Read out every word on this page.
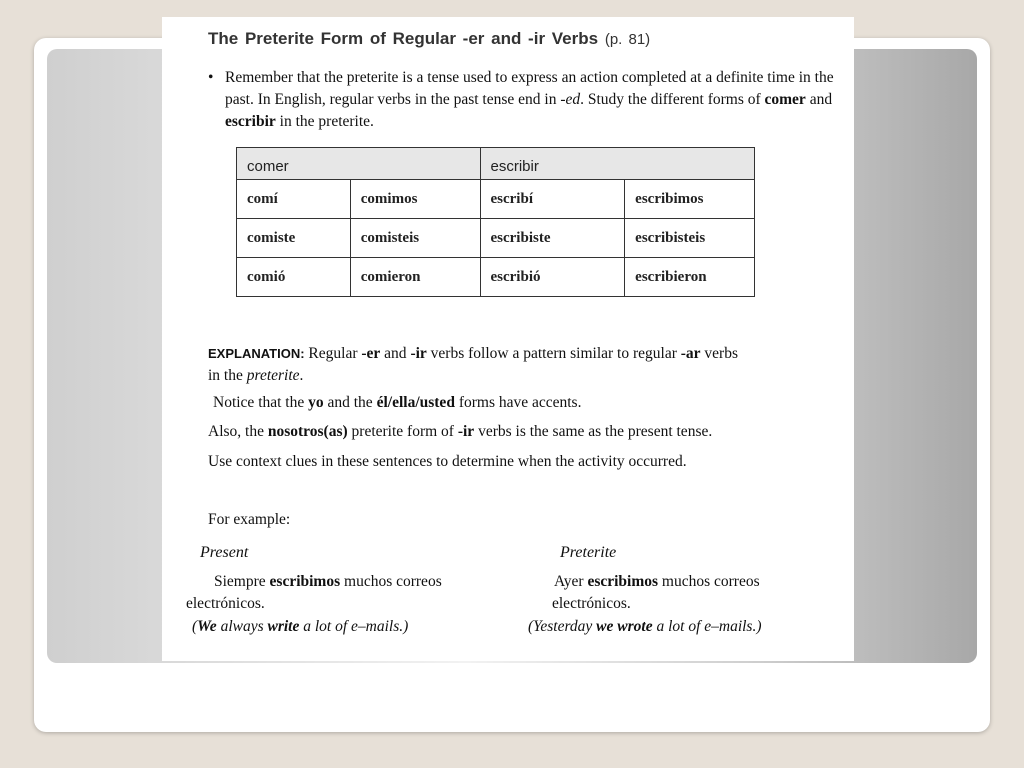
The Preterite Form of Regular -er and -ir Verbs (p. 81)
• Remember that the preterite is a tense used to express an action completed at a definite time in the past. In English, regular verbs in the past tense end in -ed. Study the different forms of comer and escribir in the preterite.
comer		escribir	
comí	comimos	escribí	escribimos
comiste	comisteis	escribiste	escribisteis
comió	comieron	escribió	escribieron
EXPLANATION: Regular -er and -ir verbs follow a pattern similar to regular -ar verbs in the preterite.
Notice that the yo and the él/ella/usted forms have accents.
Also, the nosotros(as) preterite form of -ir verbs is the same as the present tense.
Use context clues in these sentences to determine when the activity occurred.
For example:
Present	Preterite
Siempre escribimos muchos correos
electrónicos.
Ayer escribimos muchos correos
electrónicos.
(We always write a lot of e–mails.)	(Yesterday we wrote a lot of e–mails.)
